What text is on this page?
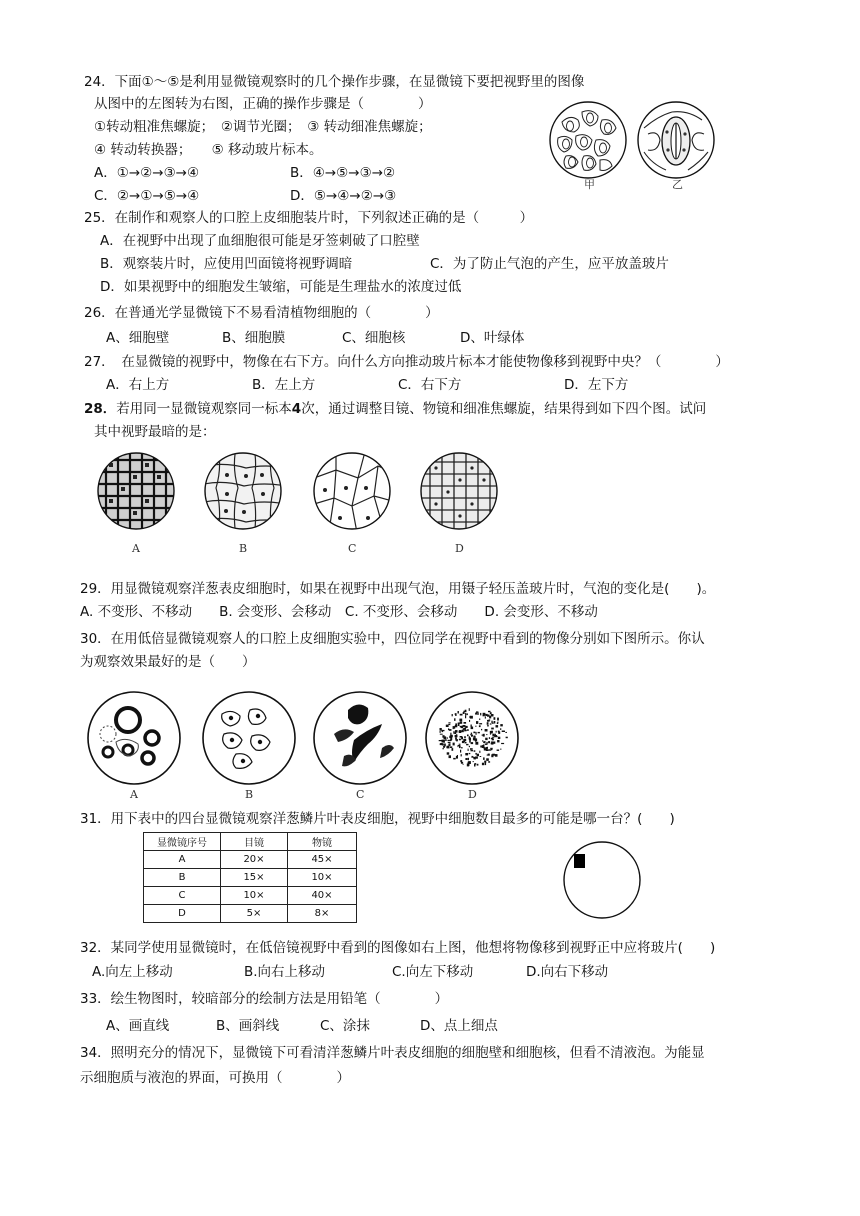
24．下面①～⑤是利用显微镜观察时的几个操作步骤，在显微镜下要把视野里的图像
从图中的左图转为右图，正确的操作步骤是（　　　　）
①转动粗准焦螺旋；　②调节光圈；　③ 转动细准焦螺旋；
④ 转动转换器；　　⑤ 移动玻片标本。
A．①→②→③→④	B．④→⑤→③→②
C．②→①→⑤→④	D．⑤→④→②→③
甲	乙
25．在制作和观察人的口腔上皮细胞装片时，下列叙述正确的是（　　　）
A．在视野中出现了血细胞很可能是牙签刺破了口腔壁
B．观察装片时，应使用凹面镜将视野调暗	C．为了防止气泡的产生，应平放盖玻片
D．如果视野中的细胞发生皱缩，可能是生理盐水的浓度过低
26．在普通光学显微镜下不易看清植物细胞的（　　　　）
A、细胞壁	B、细胞膜	C、细胞核	D、叶绿体
27．　在显微镜的视野中，物像在右下方。向什么方向推动玻片标本才能使物像移到视野中央？（　　　　）
A．右上方	B．左上方	C．右下方	D．左下方
28．若用同一显微镜观察同一标本4次，通过调整目镜、物镜和细准焦螺旋，结果得到如下四个图。试问
其中视野最暗的是：
A	B	C	D
29．用显微镜观察洋葱表皮细胞时，如果在视野中出现气泡，用镊子轻压盖玻片时，气泡的变化是(　　)。
A. 不变形、不移动　　B. 会变形、会移动　C. 不变形、会移动　　D. 会变形、不移动
30．在用低倍显微镜观察人的口腔上皮细胞实验中，四位同学在视野中看到的物像分别如下图所示。你认
为观察效果最好的是（　　）
A	B	C	D
31．用下表中的四台显微镜观察洋葱鳞片叶表皮细胞，视野中细胞数目最多的可能是哪一台？(　　)
显微镜序号	目镜	物镜
A	20×	45×
B	15×	10×
C	10×	40×
D	5×	8×
32．某同学使用显微镜时，在低倍镜视野中看到的图像如右上图，他想将物像移到视野正中应将玻片(　　)
A.向左上移动	B.向右上移动	C.向左下移动	D.向右下移动
33．绘生物图时，较暗部分的绘制方法是用铅笔（　　　　）
A、画直线	B、画斜线	C、涂抹	D、点上细点
34．照明充分的情况下，显微镜下可看清洋葱鳞片叶表皮细胞的细胞壁和细胞核，但看不清液泡。为能显
示细胞质与液泡的界面，可换用（　　　　）
